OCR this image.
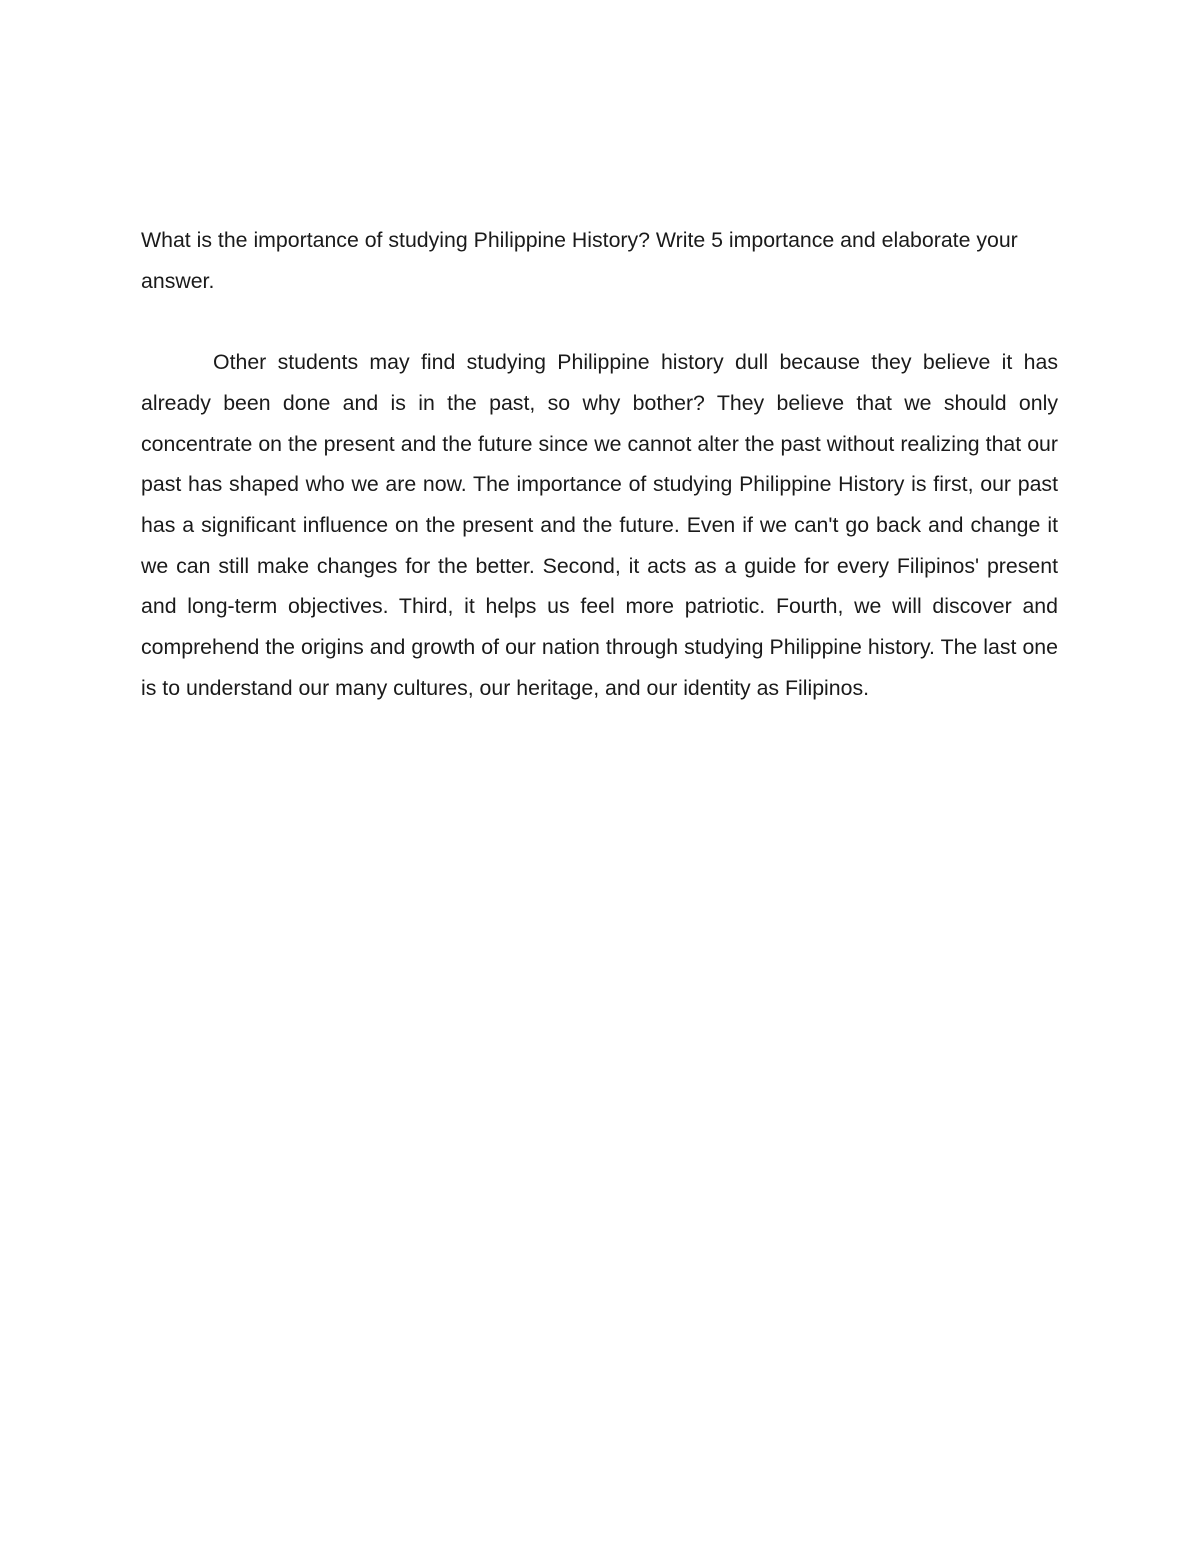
What is the importance of studying Philippine History? Write 5 importance and elaborate your answer.

Other students may find studying Philippine history dull because they believe it has already been done and is in the past, so why bother? They believe that we should only concentrate on the present and the future since we cannot alter the past without realizing that our past has shaped who we are now. The importance of studying Philippine History is first, our past has a significant influence on the present and the future. Even if we can't go back and change it we can still make changes for the better. Second, it acts as a guide for every Filipinos' present and long-term objectives. Third, it helps us feel more patriotic. Fourth, we will discover and comprehend the origins and growth of our nation through studying Philippine history. The last one is to understand our many cultures, our heritage, and our identity as Filipinos.
